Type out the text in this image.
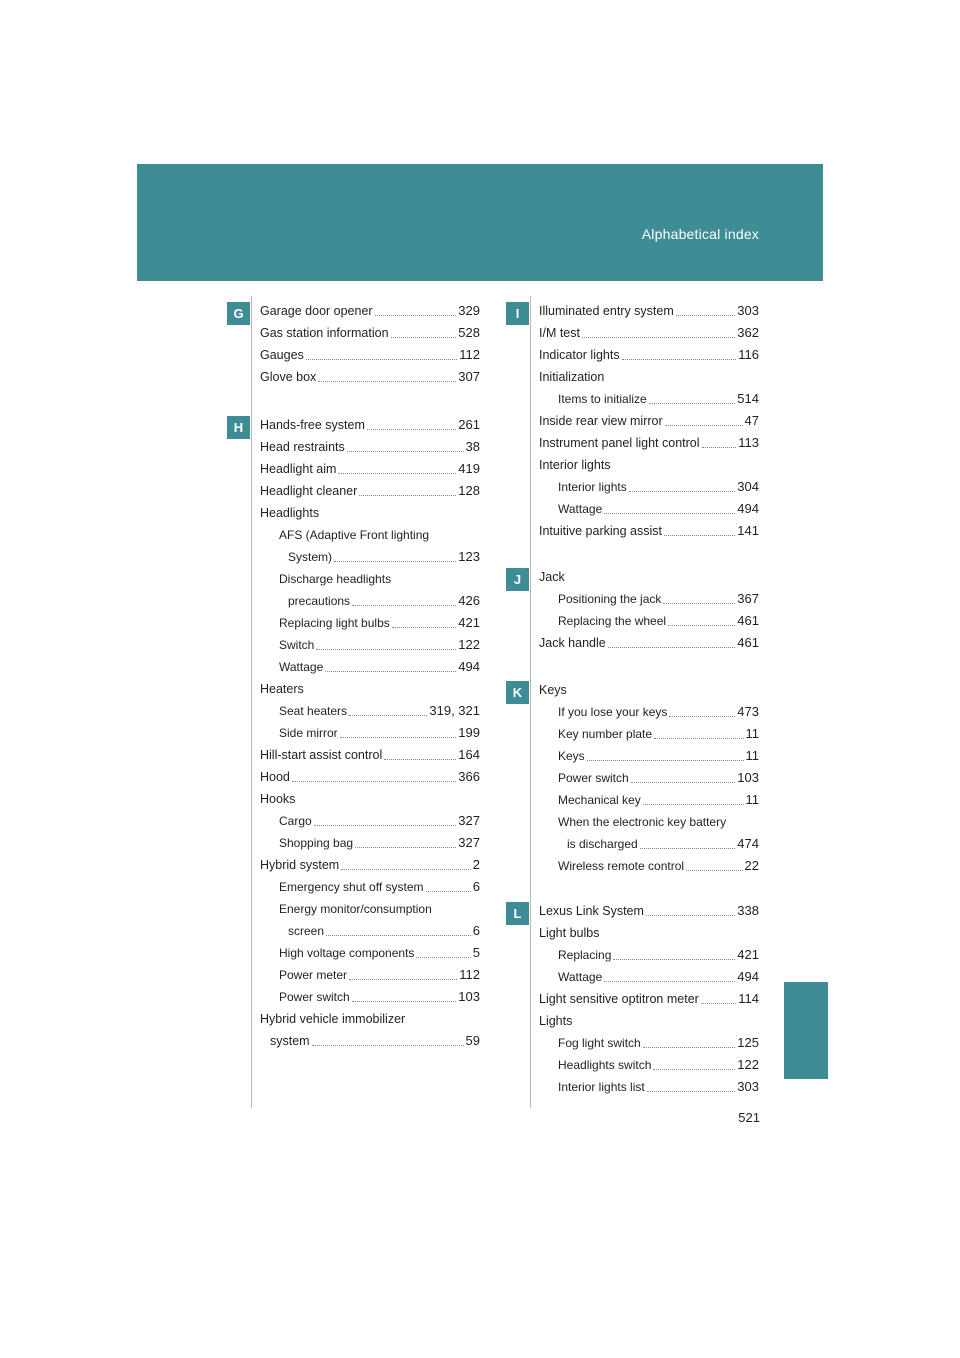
Alphabetical index
G	Garage door opener	329
Gas station information	528
Gauges	112
Glove box	307
H	Hands-free system	261
Head restraints	38
Headlight aim	419
Headlight cleaner	128
Headlights
AFS (Adaptive Front lighting
System)	123
Discharge headlights
precautions	426
Replacing light bulbs	421
Switch	122
Wattage	494
Heaters
Seat heaters	319, 321
Side mirror	199
Hill-start assist control	164
Hood	366
Hooks
Cargo	327
Shopping bag	327
Hybrid system	2
Emergency shut off system	6
Energy monitor/consumption
screen	6
High voltage components	5
Power meter	112
Power switch	103
Hybrid vehicle immobilizer
system	59
I	Illuminated entry system	303
I/M test	362
Indicator lights	116
Initialization
Items to initialize	514
Inside rear view mirror	47
Instrument panel light control	113
Interior lights
Interior lights	304
Wattage	494
Intuitive parking assist	141
J	Jack
Positioning the jack	367
Replacing the wheel	461
Jack handle	461
K	Keys
If you lose your keys	473
Key number plate	11
Keys	11
Power switch	103
Mechanical key	11
When the electronic key battery
is discharged	474
Wireless remote control	22
L	Lexus Link System	338
Light bulbs
Replacing	421
Wattage	494
Light sensitive optitron meter	114
Lights
Fog light switch	125
Headlights switch	122
Interior lights list	303
521
